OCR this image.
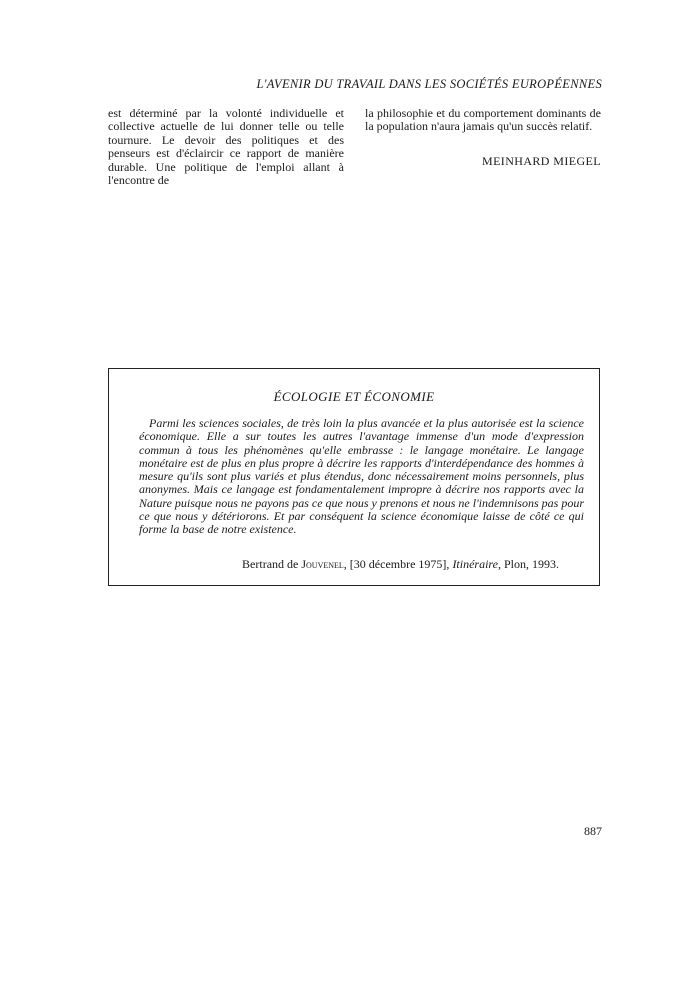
L'AVENIR DU TRAVAIL DANS LES SOCIÉTÉS EUROPÉENNES
est déterminé par la volonté individuelle et collective actuelle de lui donner telle ou telle tournure. Le devoir des politiques et des penseurs est d'éclaircir ce rapport de manière durable. Une politique de l'emploi allant à l'encontre de
la philosophie et du comportement dominants de la population n'aura jamais qu'un succès relatif.
MEINHARD MIEGEL
ÉCOLOGIE ET ÉCONOMIE
Parmi les sciences sociales, de très loin la plus avancée et la plus autorisée est la science économique. Elle a sur toutes les autres l'avantage immense d'un mode d'expression commun à tous les phénomènes qu'elle embrasse : le langage monétaire. Le langage monétaire est de plus en plus propre à décrire les rapports d'interdépendance des hommes à mesure qu'ils sont plus variés et plus étendus, donc nécessairement moins personnels, plus anonymes. Mais ce langage est fondamentalement impropre à décrire nos rapports avec la Nature puisque nous ne payons pas ce que nous y prenons et nous ne l'indemnisons pas pour ce que nous y détériorons. Et par conséquent la science économique laisse de côté ce qui forme la base de notre existence.
Bertrand de Jouvenel, [30 décembre 1975], Itinéraire, Plon, 1993.
887
